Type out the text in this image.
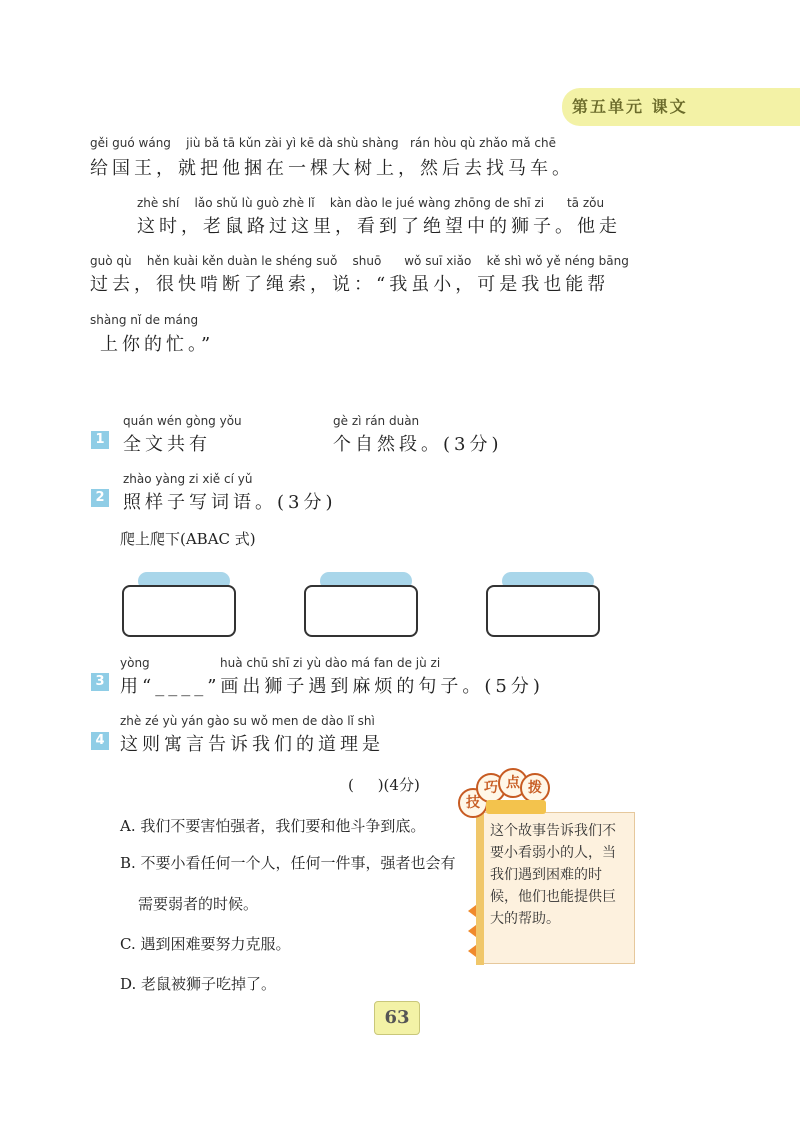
第五单元 课文
gěi guó wáng    jiù bǎ tā kǔn zài yì kē dà shù shàng   rán hòu qù zhǎo mǎ chē
给国王，就把他捆在一棵大树上，然后去找马车。
zhè shí    lǎo shǔ lù guò zhè lǐ    kàn dào le jué wàng zhōng de shī zi      tā zǒu
这时，老鼠路过这里，看到了绝望中的狮子。他走
guò qù    hěn kuài kěn duàn le shéng suǒ    shuō      wǒ suī xiǎo    kě shì wǒ yě néng bāng
过去，很快啃断了绳索，说：“我虽小，可是我也能帮
shàng nǐ de máng
上你的忙。”
1
quán wén gòng yǒu
全文共有
gè zì rán duàn
个自然段。(3分)
2
zhào yàng zi xiě cí yǔ
照样子写词语。(3分)
爬上爬下(ABAC 式)
3
yòng	huà chū shī zi yù dào má fan de jù zi
用“____”画出狮子遇到麻烦的句子。(5分)
4
zhè zé yù yán gào su wǒ men de dào lǐ shì
这则寓言告诉我们的道理是
(     )(4分)
A. 我们不要害怕强者，我们要和他斗争到底。
B. 不要小看任何一个人，任何一件事，强者也会有
需要弱者的时候。
C. 遇到困难要努力克服。
D. 老鼠被狮子吃掉了。
技
巧 点 拨
这个故事告诉我们不要小看弱小的人，当我们遇到困难的时候，他们也能提供巨大的帮助。
63
